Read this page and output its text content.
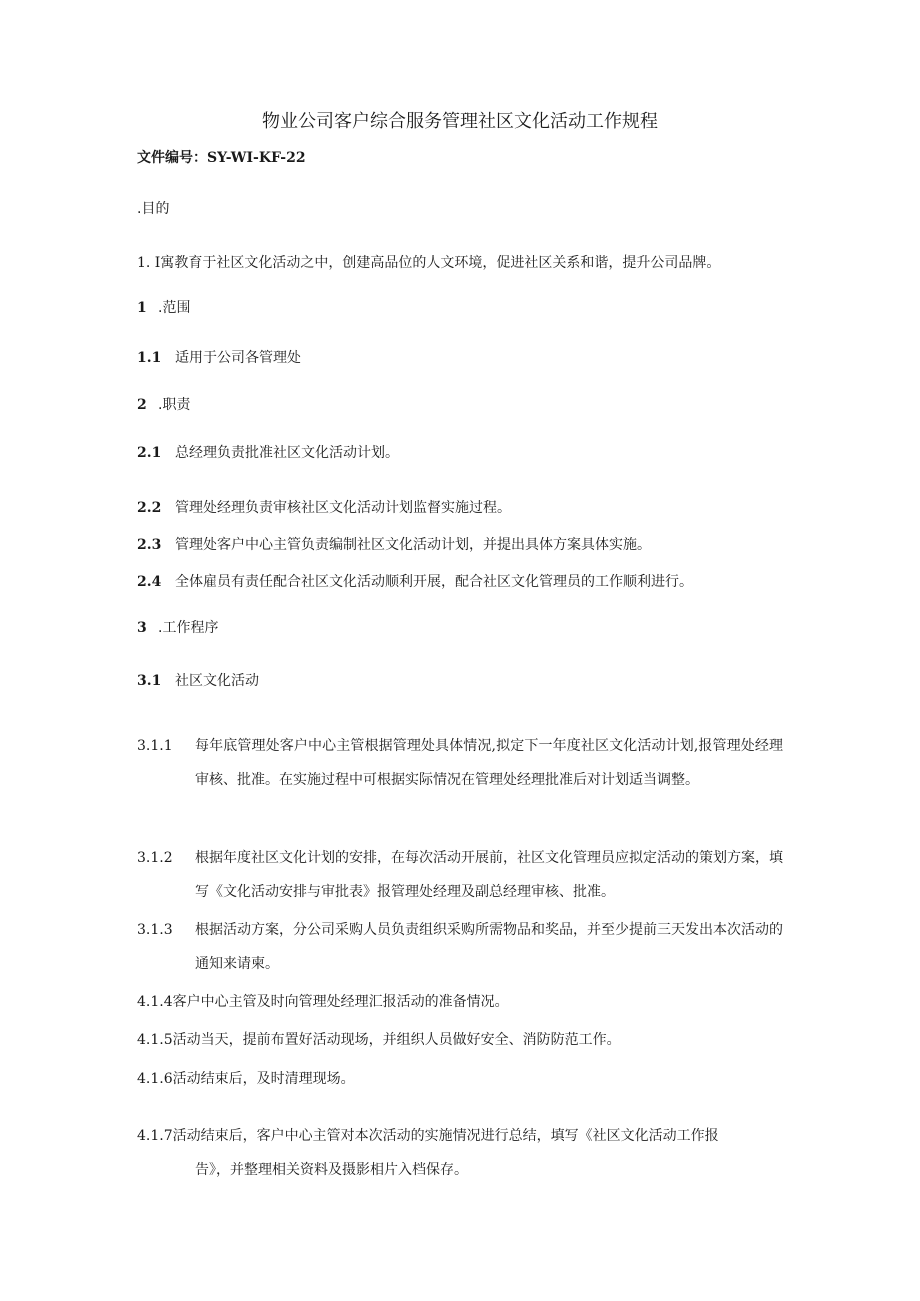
物业公司客户综合服务管理社区文化活动工作规程
文件编号：SY-WI-KF-22
.目的
1. I寓教育于社区文化活动之中，创建高品位的人文环境，促进社区关系和谐，提升公司品牌。
1 .范围
1.1 适用于公司各管理处
2 .职责
2.1 总经理负责批准社区文化活动计划。
2.2 管理处经理负责审核社区文化活动计划监督实施过程。
2.3 管理处客户中心主管负责编制社区文化活动计划，并提出具体方案具体实施。
2.4 全体雇员有责任配合社区文化活动顺利开展，配合社区文化管理员的工作顺利进行。
3 .工作程序
3.1 社区文化活动
3.1.1 每年底管理处客户中心主管根据管理处具体情况,拟定下一年度社区文化活动计划,报管理处经理审核、批准。在实施过程中可根据实际情况在管理处经理批准后对计划适当调整。
3.1.2 根据年度社区文化计划的安排，在每次活动开展前，社区文化管理员应拟定活动的策划方案，填写《文化活动安排与审批表》报管理处经理及副总经理审核、批准。
3.1.3 根据活动方案，分公司采购人员负责组织采购所需物品和奖品，并至少提前三天发出本次活动的通知来请柬。
4.1.4客户中心主管及时向管理处经理汇报活动的准备情况。
4.1.5活动当天，提前布置好活动现场，并组织人员做好安全、消防防范工作。
4.1.6活动结束后，及时清理现场。
4.1.7活动结束后，客户中心主管对本次活动的实施情况进行总结，填写《社区文化活动工作报
告》，并整理相关资料及摄影相片入档保存。
